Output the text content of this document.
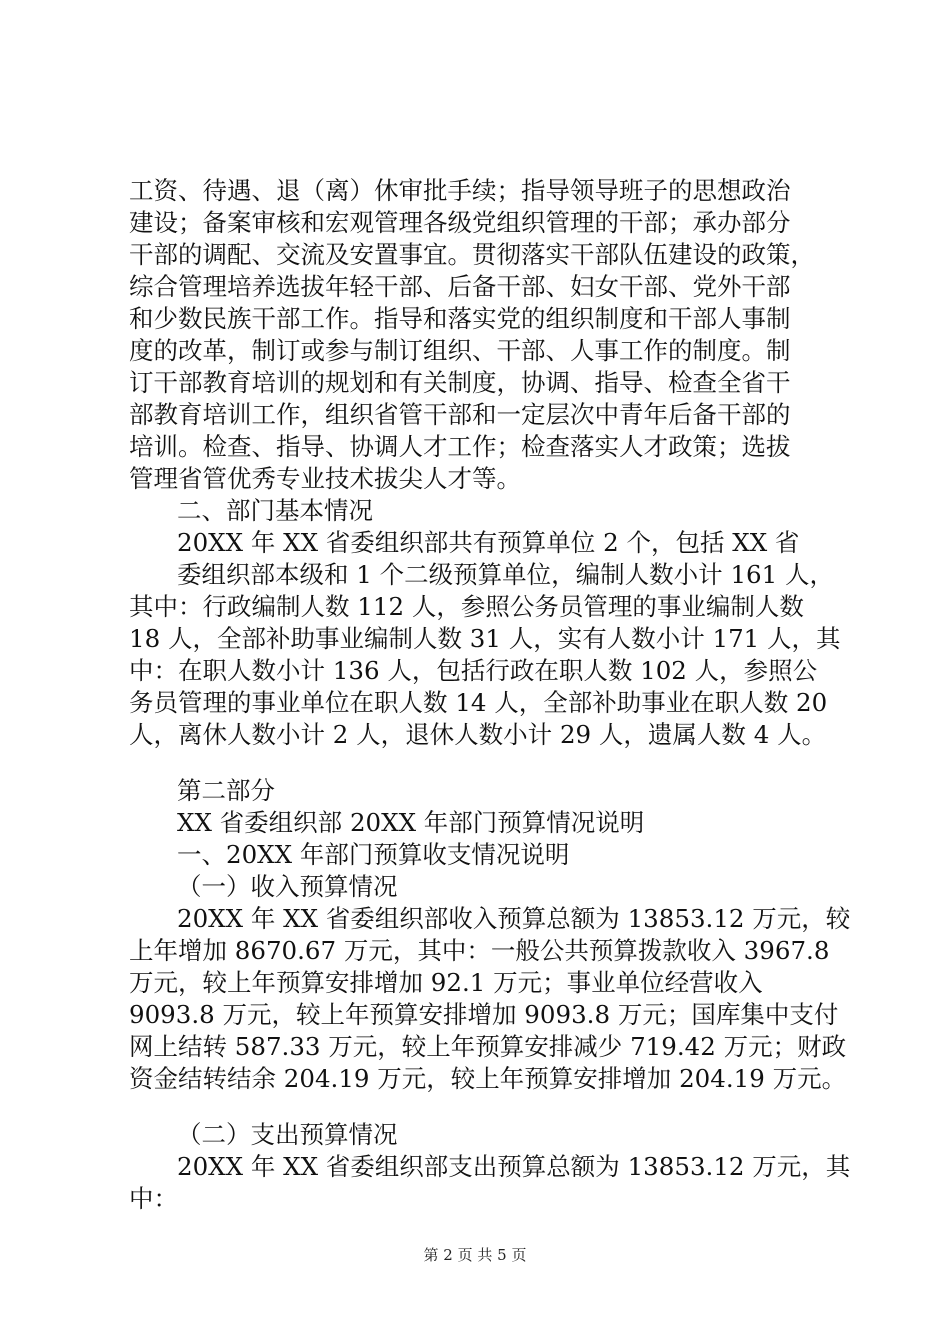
工资、待遇、退（离）休审批手续；指导领导班子的思想政治
建设；备案审核和宏观管理各级党组织管理的干部；承办部分
干部的调配、交流及安置事宜。贯彻落实干部队伍建设的政策，
综合管理培养选拔年轻干部、后备干部、妇女干部、党外干部
和少数民族干部工作。指导和落实党的组织制度和干部人事制
度的改革，制订或参与制订组织、干部、人事工作的制度。制
订干部教育培训的规划和有关制度，协调、指导、检查全省干
部教育培训工作，组织省管干部和一定层次中青年后备干部的
培训。检查、指导、协调人才工作；检查落实人才政策；选拔
管理省管优秀专业技术拔尖人才等。
二、部门基本情况
20XX 年 XX 省委组织部共有预算单位 2 个，包括 XX 省
委组织部本级和 1 个二级预算单位，编制人数小计 161 人，
其中：行政编制人数 112 人，参照公务员管理的事业编制人数
18 人，全部补助事业编制人数 31 人，实有人数小计 171 人，其
中：在职人数小计 136 人，包括行政在职人数 102 人，参照公
务员管理的事业单位在职人数 14 人，全部补助事业在职人数 20
人，离休人数小计 2 人，退休人数小计 29 人，遗属人数 4 人。
第二部分
XX 省委组织部 20XX 年部门预算情况说明
一、20XX 年部门预算收支情况说明
（一）收入预算情况
20XX 年 XX 省委组织部收入预算总额为 13853.12 万元，较
上年增加 8670.67 万元，其中：一般公共预算拨款收入 3967.8
万元，较上年预算安排增加 92.1 万元；事业单位经营收入
9093.8 万元，较上年预算安排增加 9093.8 万元；国库集中支付
网上结转 587.33 万元，较上年预算安排减少 719.42 万元；财政
资金结转结余 204.19 万元，较上年预算安排增加 204.19 万元。
（二）支出预算情况
20XX 年 XX 省委组织部支出预算总额为 13853.12 万元，其
中：
第 2 页 共 5 页
